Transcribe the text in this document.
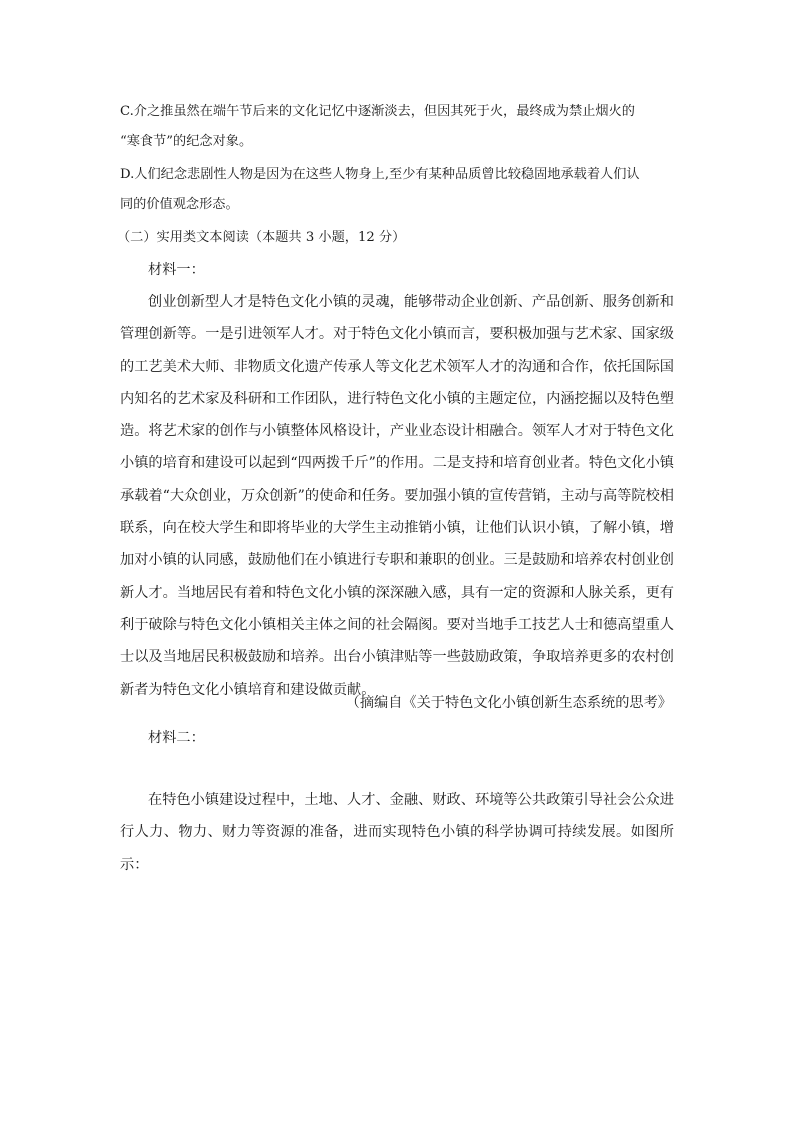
C.介之推虽然在端午节后来的文化记忆中逐渐淡去，但因其死于火，最终成为禁止烟火的
“寒食节”的纪念对象。
D.人们纪念悲剧性人物是因为在这些人物身上,至少有某种品质曾比较稳固地承载着人们认
同的价值观念形态。
（二）实用类文本阅读（本题共 3 小题，12 分）
材料一：
创业创新型人才是特色文化小镇的灵魂，能够带动企业创新、产品创新、服务创新和管理创新等。一是引进领军人才。对于特色文化小镇而言，要积极加强与艺术家、国家级的工艺美术大师、非物质文化遗产传承人等文化艺术领军人才的沟通和合作，依托国际国内知名的艺术家及科研和工作团队，进行特色文化小镇的主题定位，内涵挖掘以及特色塑造。将艺术家的创作与小镇整体风格设计，产业业态设计相融合。领军人才对于特色文化小镇的培育和建设可以起到“四两拨千斤”的作用。二是支持和培育创业者。特色文化小镇承载着“大众创业，万众创新”的使命和任务。要加强小镇的宣传营销，主动与高等院校相联系，向在校大学生和即将毕业的大学生主动推销小镇，让他们认识小镇，了解小镇，增加对小镇的认同感，鼓励他们在小镇进行专职和兼职的创业。三是鼓励和培养农村创业创新人才。当地居民有着和特色文化小镇的深深融入感，具有一定的资源和人脉关系，更有利于破除与特色文化小镇相关主体之间的社会隔阂。要对当地手工技艺人士和德高望重人士以及当地居民积极鼓励和培养。出台小镇津贴等一些鼓励政策，争取培养更多的农村创新者为特色文化小镇培育和建设做贡献。
（摘编自《关于特色文化小镇创新生态系统的思考》
材料二：
在特色小镇建设过程中，土地、人才、金融、财政、环境等公共政策引导社会公众进行人力、物力、财力等资源的准备，进而实现特色小镇的科学协调可持续发展。如图所示：
